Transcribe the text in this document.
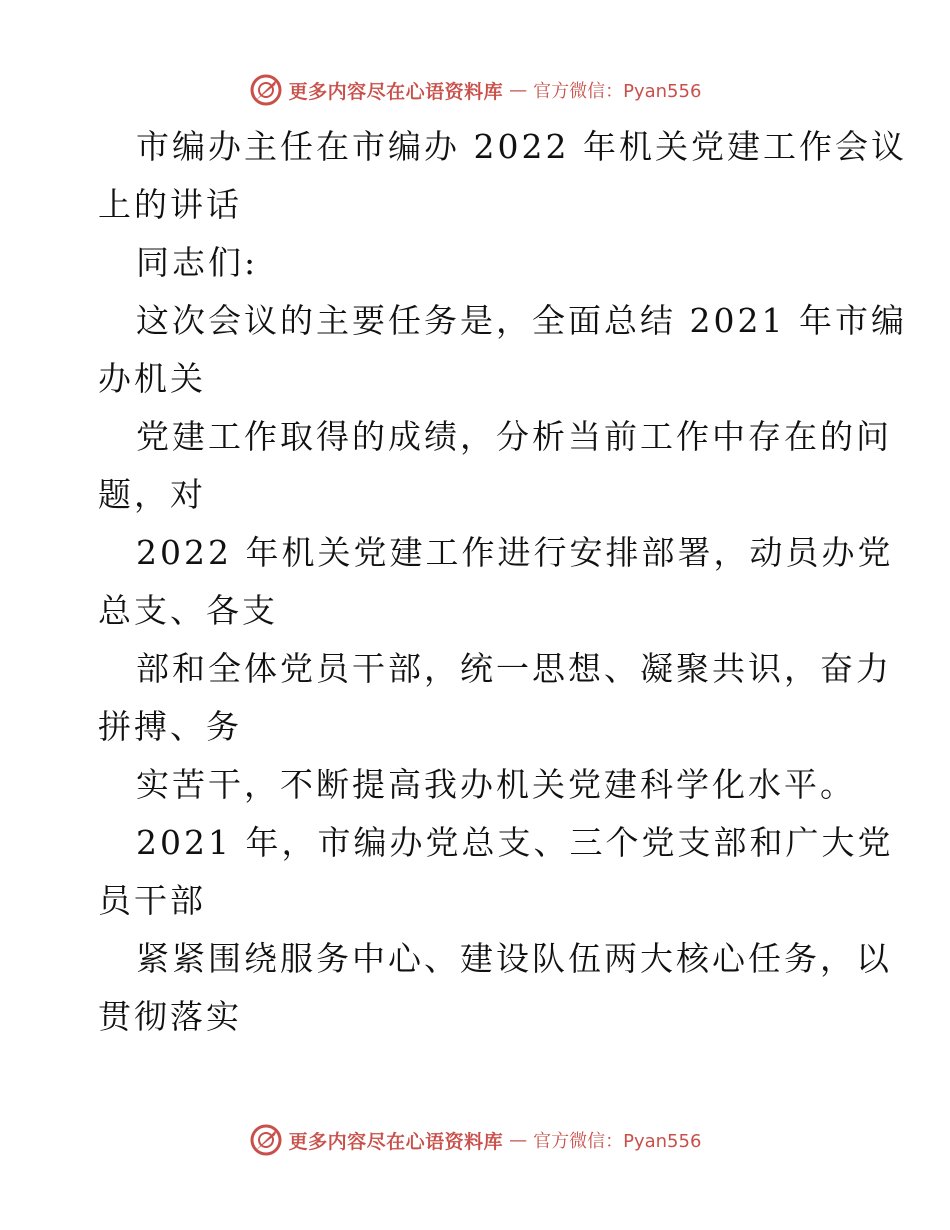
更多内容尽在心语资料库 — 官方微信：Pyan556
市编办主任在市编办 2022 年机关党建工作会议
上的讲话
同志们:
这次会议的主要任务是，全面总结 2021 年市编
办机关
党建工作取得的成绩，分析当前工作中存在的问
题，对
2022 年机关党建工作进行安排部署，动员办党
总支、各支
部和全体党员干部，统一思想、凝聚共识，奋力
拼搏、务
实苦干，不断提高我办机关党建科学化水平。
2021 年，市编办党总支、三个党支部和广大党
员干部
紧紧围绕服务中心、建设队伍两大核心任务，以
贯彻落实
更多内容尽在心语资料库 — 官方微信：Pyan556
